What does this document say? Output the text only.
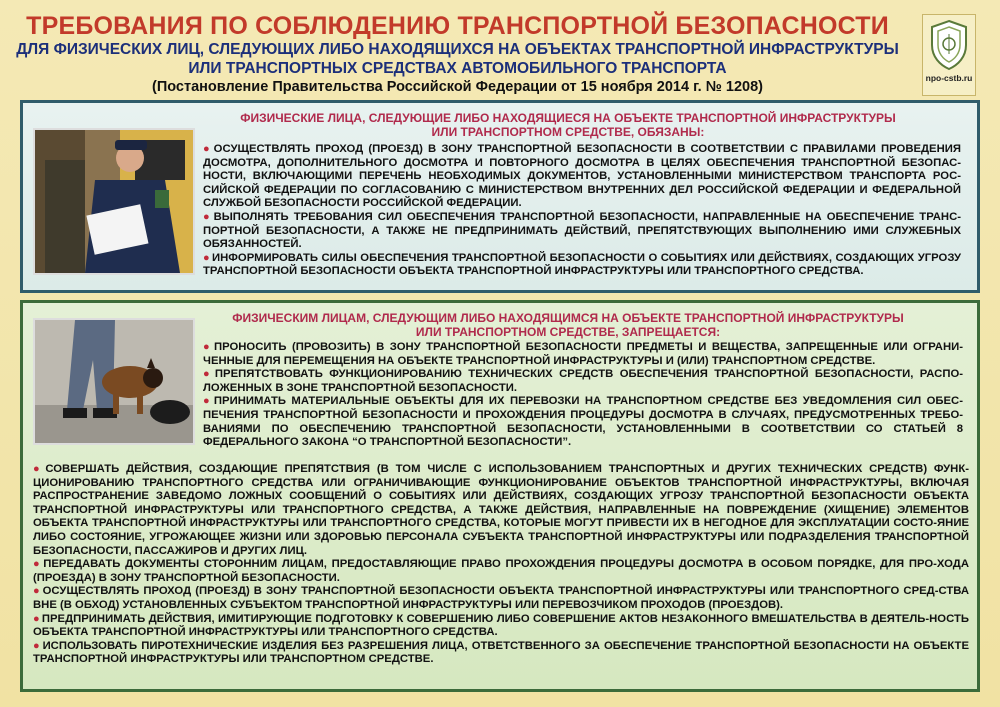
ТРЕБОВАНИЯ ПО СОБЛЮДЕНИЮ ТРАНСПОРТНОЙ БЕЗОПАСНОСТИ
ДЛЯ ФИЗИЧЕСКИХ ЛИЦ, СЛЕДУЮЩИХ ЛИБО НАХОДЯЩИХСЯ НА ОБЪЕКТАХ ТРАНСПОРТНОЙ ИНФРАСТРУКТУРЫ
ИЛИ ТРАНСПОРТНЫХ СРЕДСТВАХ АВТОМОБИЛЬНОГО ТРАНСПОРТА
(Постановление Правительства Российской Федерации от 15 ноября 2014 г. № 1208)
npo-cstb.ru
ФИЗИЧЕСКИЕ ЛИЦА, СЛЕДУЮЩИЕ ЛИБО НАХОДЯЩИЕСЯ НА ОБЪЕКТЕ ТРАНСПОРТНОЙ ИНФРАСТРУКТУРЫ
ИЛИ ТРАНСПОРТНОМ СРЕДСТВЕ, ОБЯЗАНЫ:
● ОСУЩЕСТВЛЯТЬ ПРОХОД (ПРОЕЗД) В ЗОНУ ТРАНСПОРТНОЙ БЕЗОПАСНОСТИ В СООТВЕТСТВИИ С ПРАВИЛАМИ ПРОВЕДЕНИЯ ДОСМОТРА, ДОПОЛНИТЕЛЬНОГО ДОСМОТРА И ПОВТОРНОГО ДОСМОТРА В ЦЕЛЯХ ОБЕСПЕЧЕНИЯ ТРАНСПОРТНОЙ БЕЗОПАС-НОСТИ, ВКЛЮЧАЮЩИМИ ПЕРЕЧЕНЬ НЕОБХОДИМЫХ ДОКУМЕНТОВ, УСТАНОВЛЕННЫМИ МИНИСТЕРСТВОМ ТРАНСПОРТА РОС-СИЙСКОЙ ФЕДЕРАЦИИ ПО СОГЛАСОВАНИЮ С МИНИСТЕРСТВОМ ВНУТРЕННИХ ДЕЛ РОССИЙСКОЙ ФЕДЕРАЦИИ И ФЕДЕРАЛЬНОЙ СЛУЖБОЙ БЕЗОПАСНОСТИ РОССИЙСКОЙ ФЕДЕРАЦИИ.
● ВЫПОЛНЯТЬ ТРЕБОВАНИЯ СИЛ ОБЕСПЕЧЕНИЯ ТРАНСПОРТНОЙ БЕЗОПАСНОСТИ, НАПРАВЛЕННЫЕ НА ОБЕСПЕЧЕНИЕ ТРАНС-ПОРТНОЙ БЕЗОПАСНОСТИ, А ТАКЖЕ НЕ ПРЕДПРИНИМАТЬ ДЕЙСТВИЙ, ПРЕПЯТСТВУЮЩИХ ВЫПОЛНЕНИЮ ИМИ СЛУЖЕБНЫХ ОБЯЗАННОСТЕЙ.
● ИНФОРМИРОВАТЬ СИЛЫ ОБЕСПЕЧЕНИЯ ТРАНСПОРТНОЙ БЕЗОПАСНОСТИ О СОБЫТИЯХ ИЛИ ДЕЙСТВИЯХ, СОЗДАЮЩИХ УГРОЗУ ТРАНСПОРТНОЙ БЕЗОПАСНОСТИ ОБЪЕКТА ТРАНСПОРТНОЙ ИНФРАСТРУКТУРЫ ИЛИ ТРАНСПОРТНОГО СРЕДСТВА.
ФИЗИЧЕСКИМ ЛИЦАМ, СЛЕДУЮЩИМ ЛИБО НАХОДЯЩИМСЯ НА ОБЪЕКТЕ ТРАНСПОРТНОЙ ИНФРАСТРУКТУРЫ
ИЛИ ТРАНСПОРТНОМ СРЕДСТВЕ, ЗАПРЕЩАЕТСЯ:
● ПРОНОСИТЬ (ПРОВОЗИТЬ) В ЗОНУ ТРАНСПОРТНОЙ БЕЗОПАСНОСТИ ПРЕДМЕТЫ И ВЕЩЕСТВА, ЗАПРЕЩЕННЫЕ ИЛИ ОГРАНИ-ЧЕННЫЕ ДЛЯ ПЕРЕМЕЩЕНИЯ НА ОБЪЕКТЕ ТРАНСПОРТНОЙ ИНФРАСТРУКТУРЫ И (ИЛИ) ТРАНСПОРТНОМ СРЕДСТВЕ.
● ПРЕПЯТСТВОВАТЬ ФУНКЦИОНИРОВАНИЮ ТЕХНИЧЕСКИХ СРЕДСТВ ОБЕСПЕЧЕНИЯ ТРАНСПОРТНОЙ БЕЗОПАСНОСТИ, РАСПО-ЛОЖЕННЫХ В ЗОНЕ ТРАНСПОРТНОЙ БЕЗОПАСНОСТИ.
● ПРИНИМАТЬ МАТЕРИАЛЬНЫЕ ОБЪЕКТЫ ДЛЯ ИХ ПЕРЕВОЗКИ НА ТРАНСПОРТНОМ СРЕДСТВЕ БЕЗ УВЕДОМЛЕНИЯ СИЛ ОБЕС-ПЕЧЕНИЯ ТРАНСПОРТНОЙ БЕЗОПАСНОСТИ И ПРОХОЖДЕНИЯ ПРОЦЕДУРЫ ДОСМОТРА В СЛУЧАЯХ, ПРЕДУСМОТРЕННЫХ ТРЕБО-ВАНИЯМИ ПО ОБЕСПЕЧЕНИЮ ТРАНСПОРТНОЙ БЕЗОПАСНОСТИ, УСТАНОВЛЕННЫМИ В СООТВЕТСТВИИ СО СТАТЬЕЙ 8 ФЕДЕРАЛЬНОГО ЗАКОНА “О ТРАНСПОРТНОЙ БЕЗОПАСНОСТИ”.
● СОВЕРШАТЬ ДЕЙСТВИЯ, СОЗДАЮЩИЕ ПРЕПЯТСТВИЯ (В ТОМ ЧИСЛЕ С ИСПОЛЬЗОВАНИЕМ ТРАНСПОРТНЫХ И ДРУГИХ ТЕХНИЧЕСКИХ СРЕДСТВ) ФУНК-ЦИОНИРОВАНИЮ ТРАНСПОРТНОГО СРЕДСТВА ИЛИ ОГРАНИЧИВАЮЩИЕ ФУНКЦИОНИРОВАНИЕ ОБЪЕКТОВ ТРАНСПОРТНОЙ ИНФРАСТРУКТУРЫ, ВКЛЮЧАЯ РАСПРОСТРАНЕНИЕ ЗАВЕДОМО ЛОЖНЫХ СООБЩЕНИЙ О СОБЫТИЯХ ИЛИ ДЕЙСТВИЯХ, СОЗДАЮЩИХ УГРОЗУ ТРАНСПОРТНОЙ БЕЗОПАСНОСТИ ОБЪЕКТА ТРАНСПОРТНОЙ ИНФРАСТРУКТУРЫ ИЛИ ТРАНСПОРТНОГО СРЕДСТВА, А ТАКЖЕ ДЕЙСТВИЯ, НАПРАВЛЕННЫЕ НА ПОВРЕЖДЕНИЕ (ХИЩЕНИЕ) ЭЛЕМЕНТОВ ОБЪЕКТА ТРАНСПОРТНОЙ ИНФРАСТРУКТУРЫ ИЛИ ТРАНСПОРТНОГО СРЕДСТВА, КОТОРЫЕ МОГУТ ПРИВЕСТИ ИХ В НЕГОДНОЕ ДЛЯ ЭКСПЛУАТАЦИИ СОСТО-ЯНИЕ ЛИБО СОСТОЯНИЕ, УГРОЖАЮЩЕЕ ЖИЗНИ ИЛИ ЗДОРОВЬЮ ПЕРСОНАЛА СУБЪЕКТА ТРАНСПОРТНОЙ ИНФРАСТРУКТУРЫ ИЛИ ПОДРАЗДЕЛЕНИЯ ТРАНСПОРТНОЙ БЕЗОПАСНОСТИ, ПАССАЖИРОВ И ДРУГИХ ЛИЦ.
● ПЕРЕДАВАТЬ ДОКУМЕНТЫ СТОРОННИМ ЛИЦАМ, ПРЕДОСТАВЛЯЮЩИЕ ПРАВО ПРОХОЖДЕНИЯ ПРОЦЕДУРЫ ДОСМОТРА В ОСОБОМ ПОРЯДКЕ, ДЛЯ ПРО-ХОДА (ПРОЕЗДА) В ЗОНУ ТРАНСПОРТНОЙ БЕЗОПАСНОСТИ.
● ОСУЩЕСТВЛЯТЬ ПРОХОД (ПРОЕЗД) В ЗОНУ ТРАНСПОРТНОЙ БЕЗОПАСНОСТИ ОБЪЕКТА ТРАНСПОРТНОЙ ИНФРАСТРУКТУРЫ ИЛИ ТРАНСПОРТНОГО СРЕД-СТВА ВНЕ (В ОБХОД) УСТАНОВЛЕННЫХ СУБЪЕКТОМ ТРАНСПОРТНОЙ ИНФРАСТРУКТУРЫ ИЛИ ПЕРЕВОЗЧИКОМ ПРОХОДОВ (ПРОЕЗДОВ).
● ПРЕДПРИНИМАТЬ ДЕЙСТВИЯ, ИМИТИРУЮЩИЕ ПОДГОТОВКУ К СОВЕРШЕНИЮ ЛИБО СОВЕРШЕНИЕ АКТОВ НЕЗАКОННОГО ВМЕШАТЕЛЬСТВА В ДЕЯТЕЛЬ-НОСТЬ ОБЪЕКТА ТРАНСПОРТНОЙ ИНФРАСТРУКТУРЫ ИЛИ ТРАНСПОРТНОГО СРЕДСТВА.
● ИСПОЛЬЗОВАТЬ ПИРОТЕХНИЧЕСКИЕ ИЗДЕЛИЯ БЕЗ РАЗРЕШЕНИЯ ЛИЦА, ОТВЕТСТВЕННОГО ЗА ОБЕСПЕЧЕНИЕ ТРАНСПОРТНОЙ БЕЗОПАСНОСТИ НА ОБЪЕКТЕ ТРАНСПОРТНОЙ ИНФРАСТРУКТУРЫ ИЛИ ТРАНСПОРТНОМ СРЕДСТВЕ.
